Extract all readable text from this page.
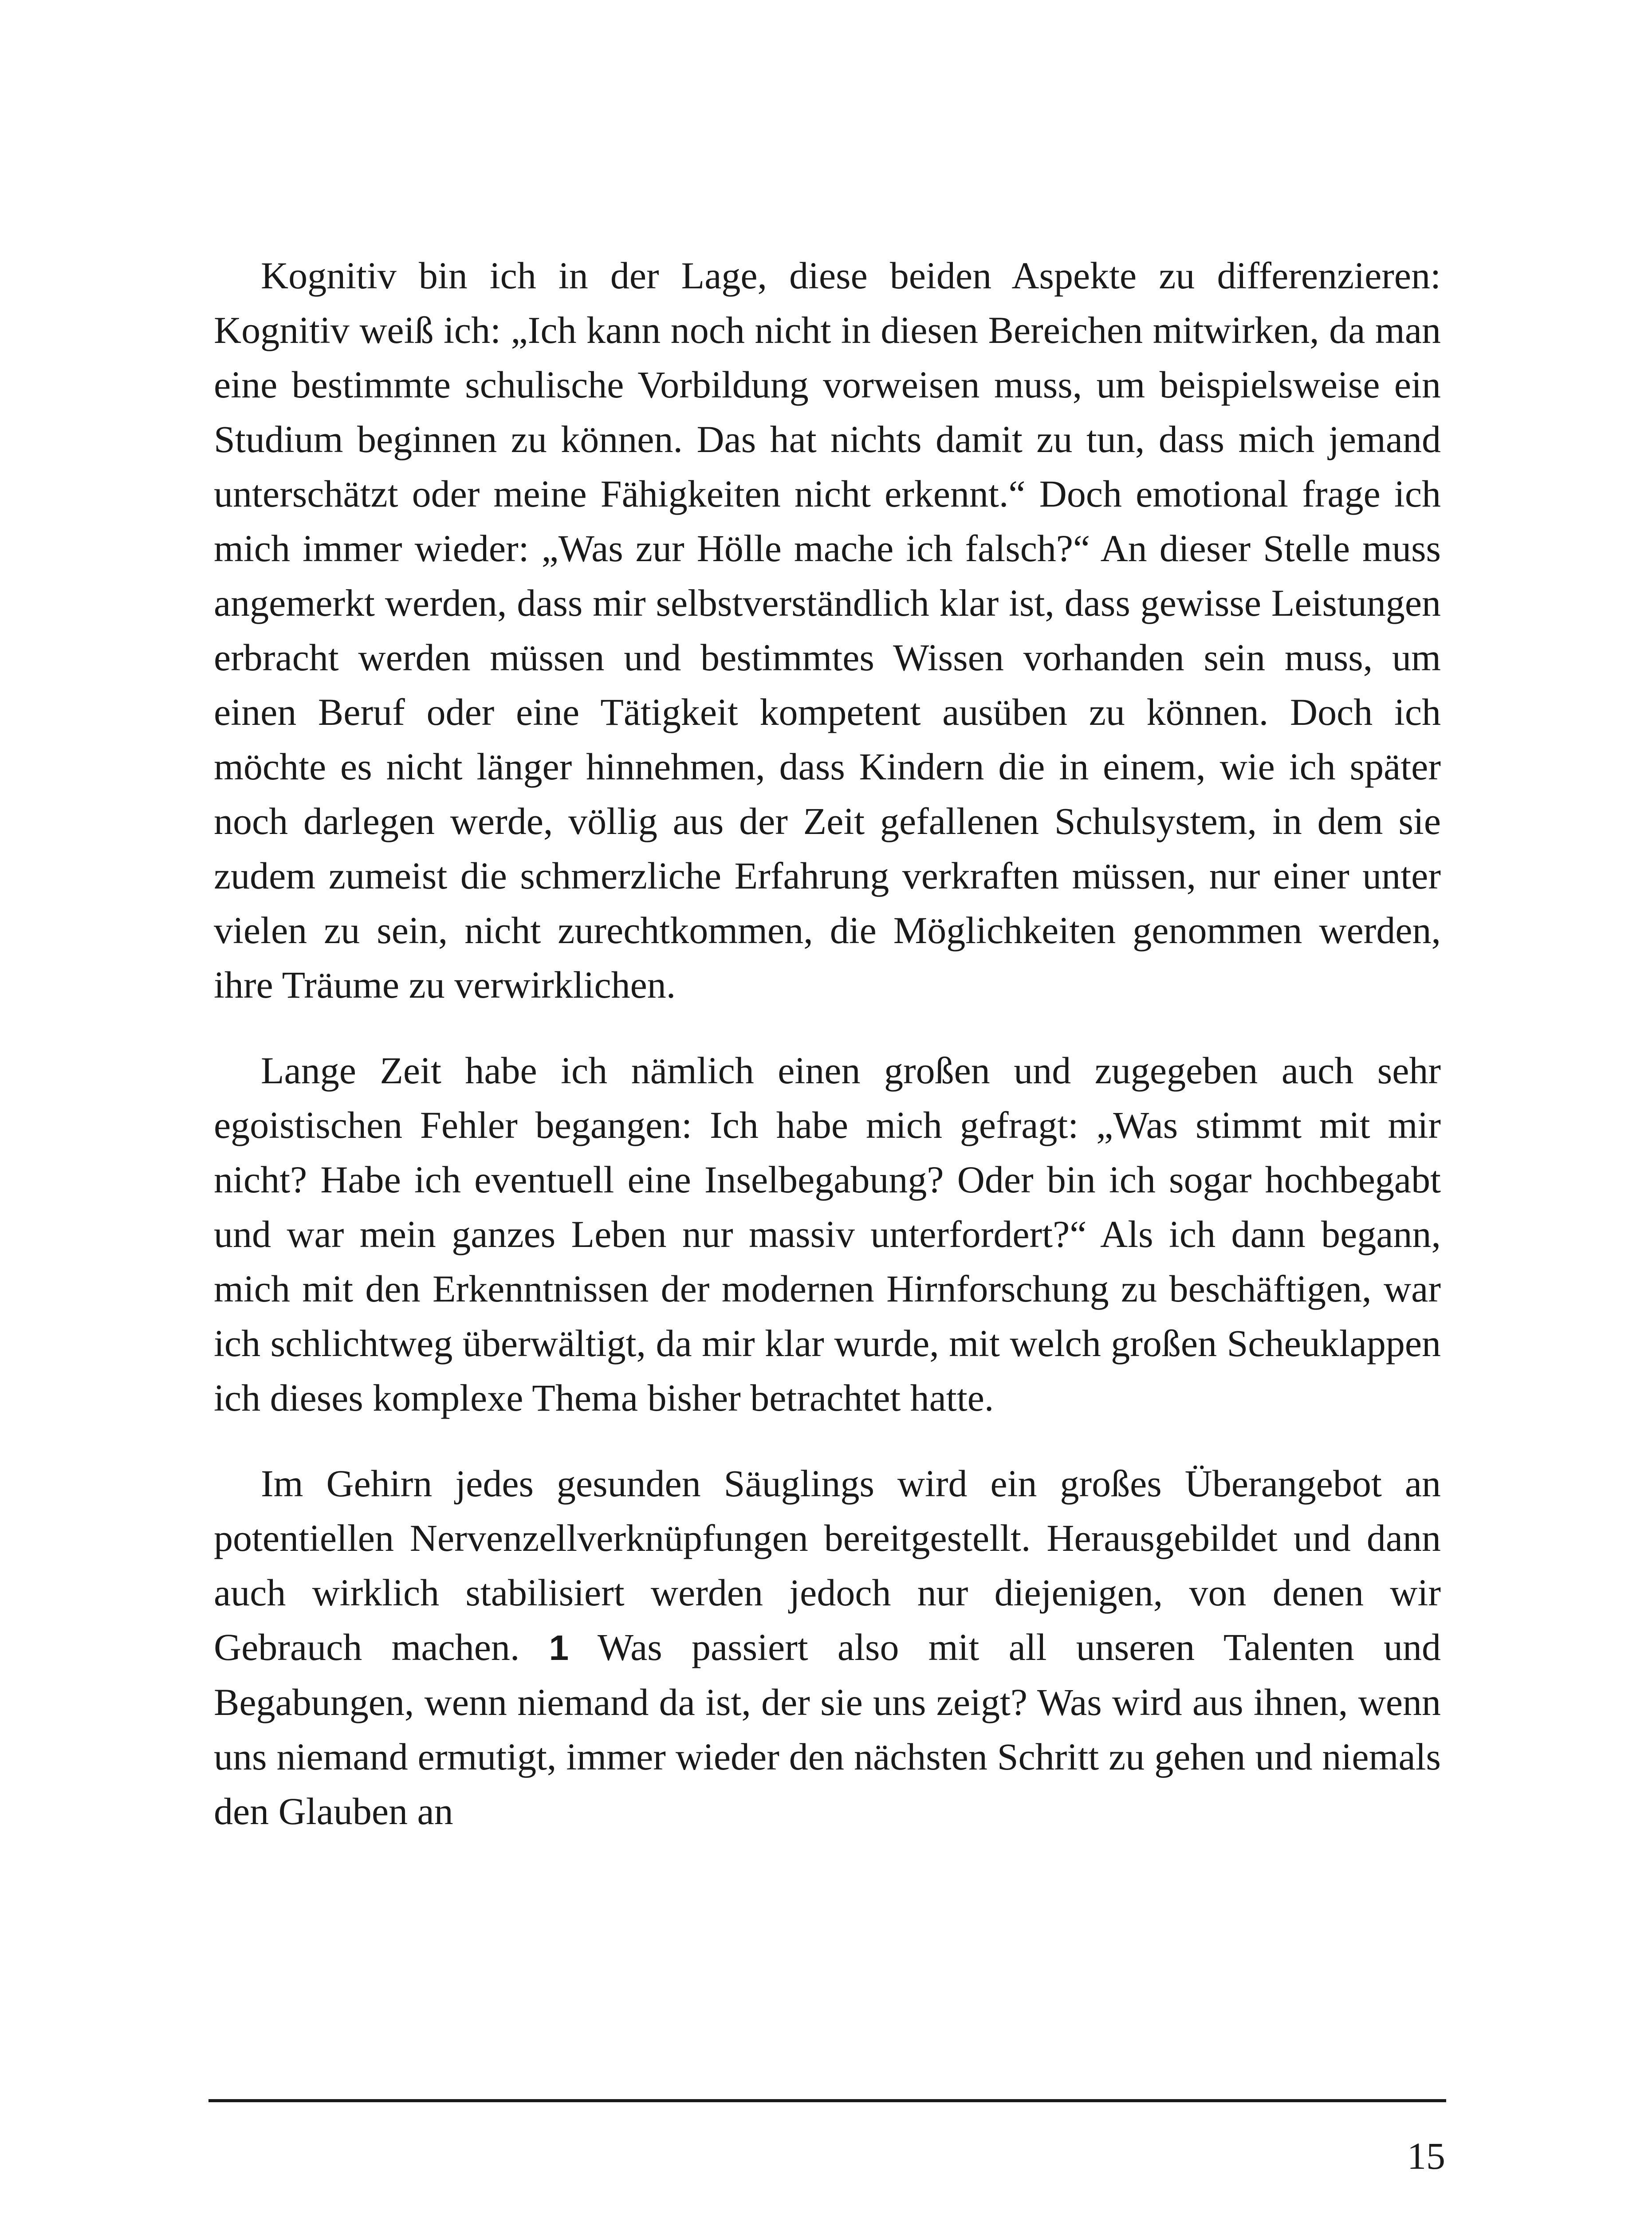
Kognitiv bin ich in der Lage, diese beiden Aspekte zu differenzieren: Kognitiv weiß ich: „Ich kann noch nicht in diesen Bereichen mitwirken, da man eine bestimmte schulische Vorbildung vorweisen muss, um beispielsweise ein Studium beginnen zu können. Das hat nichts damit zu tun, dass mich jemand unterschätzt oder meine Fähigkeiten nicht erkennt.“ Doch emotional frage ich mich immer wieder: „Was zur Hölle mache ich falsch?“ An dieser Stelle muss angemerkt werden, dass mir selbstverständlich klar ist, dass gewisse Leistungen erbracht werden müssen und bestimmtes Wissen vorhanden sein muss, um einen Beruf oder eine Tätigkeit kompetent ausüben zu können. Doch ich möchte es nicht länger hinnehmen, dass Kindern die in einem, wie ich später noch darlegen werde, völlig aus der Zeit gefallenen Schulsystem, in dem sie zudem zumeist die schmerzliche Erfahrung verkraften müssen, nur einer unter vielen zu sein, nicht zurechtkommen, die Möglichkeiten genommen werden, ihre Träume zu verwirklichen.

Lange Zeit habe ich nämlich einen großen und zugegeben auch sehr egoistischen Fehler begangen: Ich habe mich gefragt: „Was stimmt mit mir nicht? Habe ich eventuell eine Inselbegabung? Oder bin ich sogar hochbegabt und war mein ganzes Leben nur massiv unterfordert?“ Als ich dann begann, mich mit den Erkenntnissen der modernen Hirnforschung zu beschäftigen, war ich schlichtweg überwältigt, da mir klar wurde, mit welch großen Scheuklappen ich dieses komplexe Thema bisher betrachtet hatte.

Im Gehirn jedes gesunden Säuglings wird ein großes Überangebot an potentiellen Nervenzellverknüpfungen bereitgestellt. Herausgebildet und dann auch wirklich stabilisiert werden jedoch nur diejenigen, von denen wir Gebrauch machen. 1 Was passiert also mit all unseren Talenten und Begabungen, wenn niemand da ist, der sie uns zeigt? Was wird aus ihnen, wenn uns niemand ermutigt, immer wieder den nächsten Schritt zu gehen und niemals den Glauben an

15
